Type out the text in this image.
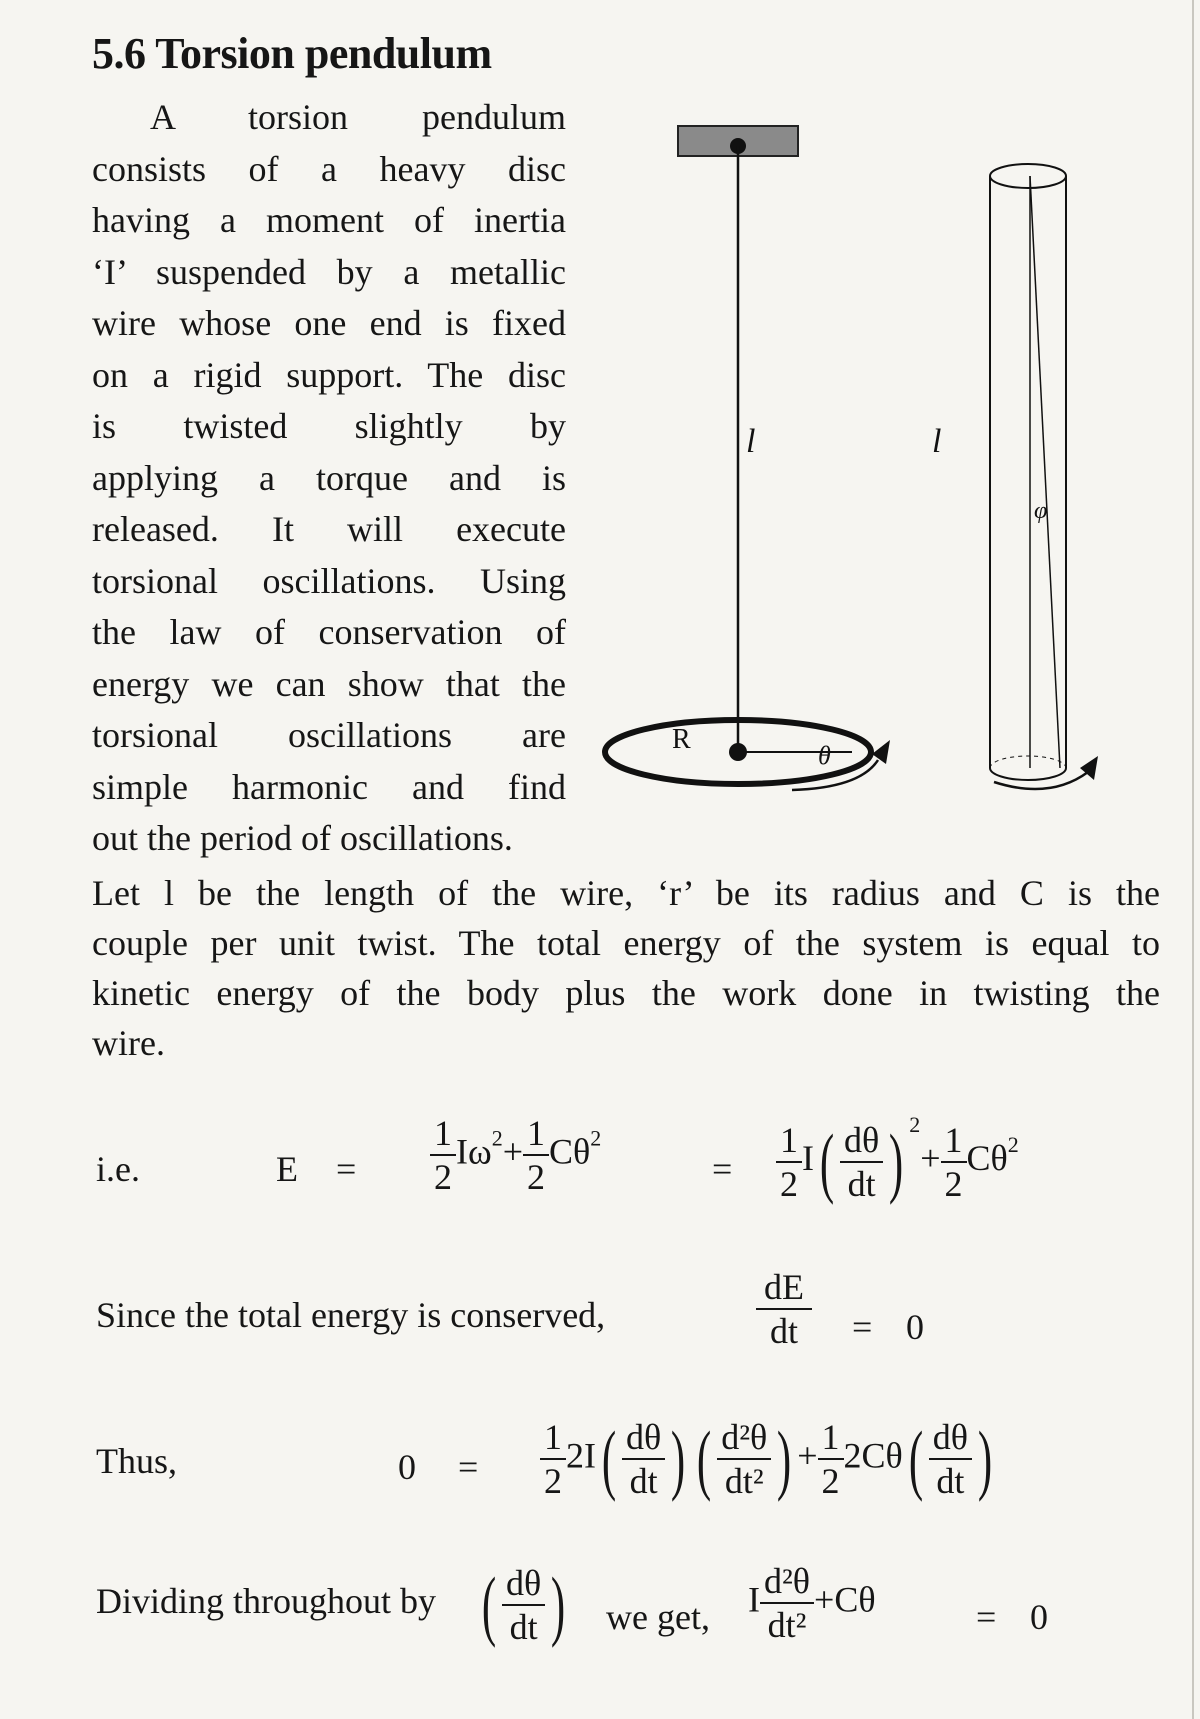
5.6 Torsion pendulum
A torsion pendulum
consists of a heavy disc
having a moment of inertia
‘I’ suspended by a metallic
wire whose one end is fixed
on a rigid support. The disc
is twisted slightly by
applying a torque and is
released. It will execute
torsional oscillations. Using
the law of conservation of
energy we can show that the
torsional oscillations are
simple harmonic and find
out the period of oscillations.
l
R
θ
l
φ
Let l be the length of the wire, ‘r’ be its radius and C is the
couple per unit twist. The total energy of the system is equal to
kinetic energy of the body plus the work done in twisting the
wire.
i.e.	$E = \frac{1}{2} I\omega^2+ \frac{1}{2} C\theta^2$
= $\frac{1}{2} I( \frac{d\theta}{dt}$ ) $^2+ \frac{1}{2} C\theta^2$
Since the total energy is conserved,	$\frac{dE}{dt} = 0$
Thus,	$0 = \frac{1}{2} 2I( \frac{d\theta}{dt}$ ) ( $\frac{\text{d²θ}}{\text{dt²}}$ ) + $\frac{1}{2} 2C\theta( \frac{d\theta}{dt}$ )
Dividing throughout by ( $\frac{d\theta}{dt}$ ) we get, I $\frac{\text{d²θ}}{\text{dt²}} +C\theta$	= 0
